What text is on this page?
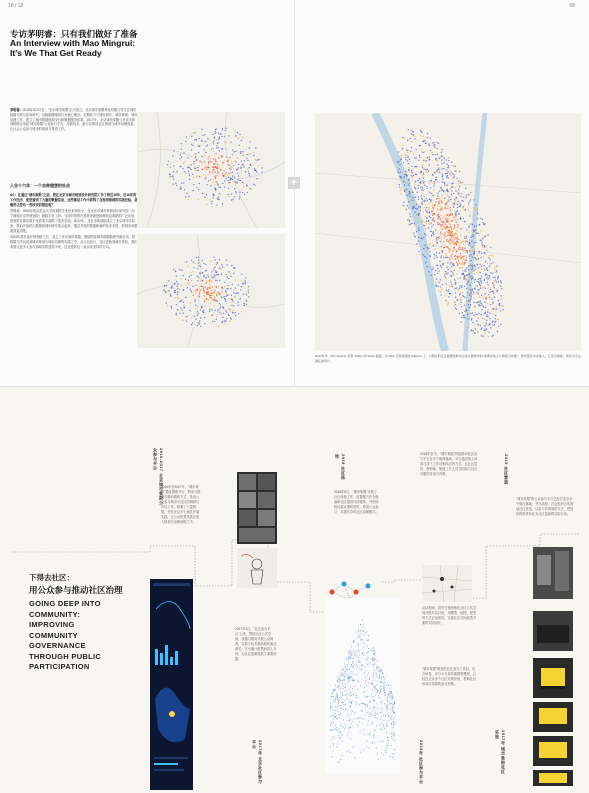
18 / 18	68
专访茅明睿：只有我们做好了准备
An Interview with Mao Mingrui: It's We That Get Ready
茅明睿：2015年3月17日，"北京城市象限"正式成立。北京城市象限科技有限公司专注城市数据分析与应用研究，以数据增强设计为核心理念，长期致力于城市研究、城市规划、城市治理工作，建立了城市数据资源平台和数据服务体系。2017年，北京城市象限与北京市规划院联合发起"城市象限"公众参与平台，用新技术、新方法推动社区规划与城市治理创新，让社会公众参与城市的规划与建设工作。
入谷十六年：一个自称理想的社会

AC：在通过"城市象限"之前，您在北京市城市规划设计研究院工作了将近16年，近16年的工作经历，使您看到了大量的数据信息，这些都是工作中获得了在规划领域的实践经验，是哪些让您有一些改变的想法呢？

茅明睿：2000年我从武汉大学规划院毕业后来到北京，在北京市城市规划设计研究院（以下简称北京市规划院）做数字化工作。当时的背景在我看来就是地理信息系统的广泛应用，规划院在推动数字化转型方面做了很多尝试。2012年，北京市规划院成立了北京城市实验室，我们开始把大数据和城市研究结合起来，通过开放的数据和新的技术手段，把城市问题看得更清楚。

2015年我在离开规划院之后，成立了北京城市象限，继续围绕城市数据做研究和应用，把数据方法运用到城市规划与城市治理的实践之中。从公众参与、社区更新到城市体检，我们希望让更多人参与到城市的建设中来，这也是我们一直以来坚持的方向。

+
2014年年，Eric Fischer 利用 Twitter 和 Flickr 数据，在 Web 可视化网络 Mapbox 上，以照片的定位数据绘制出全球主要城市的"地理本地人与游客分布图"。图中蓝色为本地人，红色为游客，黄色为无法确定的用户。
下得去社区：
用公众参与推动社区治理
GOING DEEP INTO COMMUNITY: IMPROVING COMMUNITY GOVERNANCE THROUGH PUBLIC PARTICIPATION
2016-2017 北京城市象限公众参与平台
2016年至2017年，"城市象限"通过搭建平台，利用互联网与移动端的方式，发动公众参与城市与社区的调研与评估工作，积累了大量数据，并在北京多个街区开展实践，让公众的意见真正进入规划与治理流程之中。
2017年4月，"社区参与平台"上线，围绕社区公共空间、设施与服务开展公众调查，以数字技术帮助居民表达意见，平台累计收集问卷上万份，为社区更新提供了重要依据。
2017年 北京社区参与平台
2018 社区体检
2018年6月，"城市象限"开展了社区体检工作，用数据方法为街道和社区提供评估服务，并把体检结果反馈给居民，形成公众参与、共建共享的社区治理模式。
2018年 社区参与平台
2019 社区营造
2018年至今，"城市象限"持续推动社区参与平台在多个街道落地，平台通过线上问卷与线下工作坊相结合的方式，让社区居民、规划师、街道工作人员共同参与社区议题的讨论与决策。
"城市象限"的公众参与平台已经在北京多个街区落地，并与高校、社会组织合作推动社区营造，以参与式规划的方式，把居民的需求转化为社区更新的实际行动。
活动现场，居民与规划师在社区公共空间开展共同讨论，用模型、地图、便签等方式记录意见，完成社区空间改造方案的共同设计。
"城市象限"研发的社区参与工具包，包含问卷、评分卡与协作地图等模块，已经在北京多个社区开展应用，帮助社区形成可持续的参与机制。
2017年 城市象限社区实验
